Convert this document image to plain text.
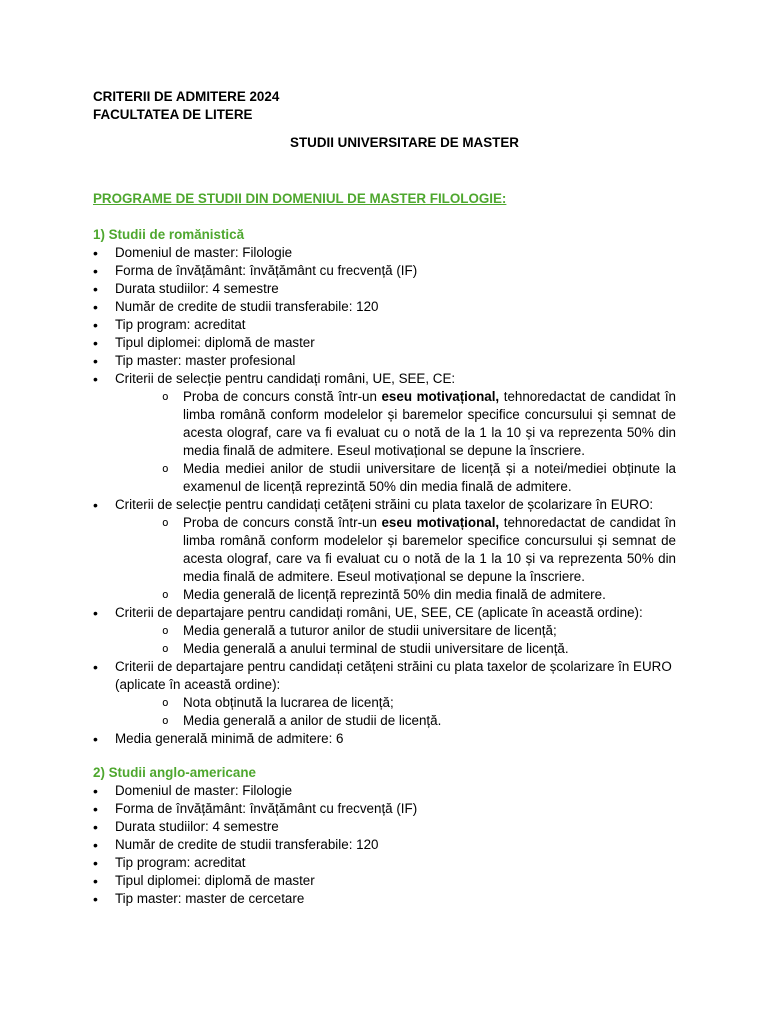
CRITERII DE ADMITERE 2024
FACULTATEA DE LITERE
STUDII UNIVERSITARE DE MASTER
PROGRAME DE STUDII DIN DOMENIUL DE MASTER FILOLOGIE:
1) Studii de romănistică
• Domeniul de master: Filologie
• Forma de învățământ: învățământ cu frecvență (IF)
• Durata studiilor: 4 semestre
• Număr de credite de studii transferabile: 120
• Tip program: acreditat
• Tipul diplomei: diplomă de master
• Tip master: master profesional
• Criterii de selecție pentru candidați români, UE, SEE, CE:
o Proba de concurs constă într-un eseu motivațional, tehnoredactat de candidat în limba română conform modelelor și baremelor specifice concursului și semnat de acesta olograf, care va fi evaluat cu o notă de la 1 la 10 și va reprezenta 50% din media finală de admitere. Eseul motivațional se depune la înscriere.
o Media mediei anilor de studii universitare de licență și a notei/mediei obținute la examenul de licență reprezintă 50% din media finală de admitere.
• Criterii de selecție pentru candidați cetățeni străini cu plata taxelor de școlarizare în EURO:
o Proba de concurs constă într-un eseu motivațional, tehnoredactat de candidat în limba română conform modelelor și baremelor specifice concursului și semnat de acesta olograf, care va fi evaluat cu o notă de la 1 la 10 și va reprezenta 50% din media finală de admitere. Eseul motivațional se depune la înscriere.
o Media generală de licență reprezintă 50% din media finală de admitere.
• Criterii de departajare pentru candidați români, UE, SEE, CE (aplicate în această ordine):
o Media generală a tuturor anilor de studii universitare de licență;
o Media generală a anului terminal de studii universitare de licență.
• Criterii de departajare pentru candidați cetățeni străini cu plata taxelor de școlarizare în EURO (aplicate în această ordine):
o Nota obținută la lucrarea de licență;
o Media generală a anilor de studii de licență.
• Media generală minimă de admitere: 6
2) Studii anglo-americane
• Domeniul de master: Filologie
• Forma de învățământ: învățământ cu frecvență (IF)
• Durata studiilor: 4 semestre
• Număr de credite de studii transferabile: 120
• Tip program: acreditat
• Tipul diplomei: diplomă de master
• Tip master: master de cercetare
